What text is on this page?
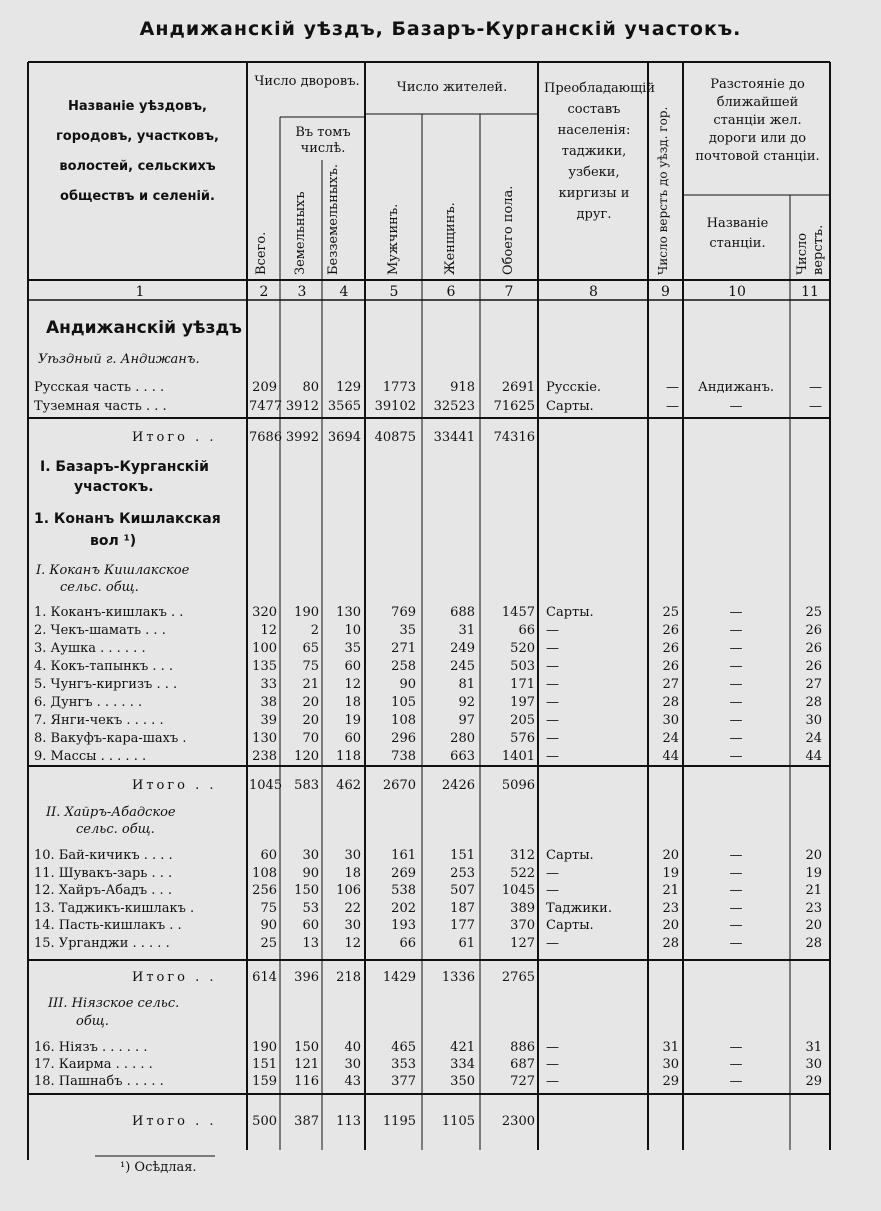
Андижанскій уѣздъ, Базаръ-Курганскій участокъ.
Названіе уѣздовъ,
городовъ, участковъ,
волостей, сельскихъ
обществъ и селеній.
Число дворовъ.
Въ томъ числѣ.
Всего. Земельныхъ Безземельныхъ.
Число жителей.
Мужчинъ.	Женщинъ.	Обоего пола.
Преобладающій составъ населенія: таджики, узбеки, киргизы и друг.	Число верстъ до уѣзд. гор.
Разстояніе до ближайшей станціи жел. дороги или до почтовой станціи.
Названіе станціи.	Число верстъ.
1	2	3	4	5	6	7	8	9	10	11
Андижанскій уѣздъ
Уѣздный г. Андижанъ.
I. Базаръ-Курганскій
участокъ.
1. Конанъ Кишлакская
вол ¹)
I. Коканъ Кишлакское
сельс. общ.
II. Хайръ-Абадское
сельс. общ.
III. Ніязское сельс.
общ.
Русская часть . . . .	209	80	129	1773	918	2691 Русскіе.	—	Андижанъ.	—
Туземная часть . . .	7477 3912 3565	39102	32523	71625 Сарты.	—	—	—
Итого . .	7686 3992 3694	40875	33441	74316
1. Коканъ-кишлакъ . .	320	190	130	769	688	1457 Сарты.	25	—	25
2. Чекъ-шамать . . .	12	2	10	35	31	66 —	26	—	26
3. Аушка . . . . . .	100	65	35	271	249	520 —	26	—	26
4. Кокъ-тапынкъ . . .	135	75	60	258	245	503 —	26	—	26
5. Чунгъ-киргизъ . . .	33	21	12	90	81	171 —	27	—	27
6. Дунгъ . . . . . .	38	20	18	105	92	197 —	28	—	28
7. Янги-чекъ . . . . .	39	20	19	108	97	205 —	30	—	30
8. Вакуфъ-кара-шахъ .	130	70	60	296	280	576 —	24	—	24
9. Массы . . . . . .	238	120	118	738	663	1401 —	44	—	44
Итого . .	1045 583	462	2670	2426	5096
10. Бай-кичикъ . . . .	60	30	30	161	151	312 Сарты.	20	—	20
11. Шувакъ-зарь . . .	108	90	18	269	253	522 —	19	—	19
12. Хайръ-Абадъ . . .	256	150	106	538	507	1045 —	21	—	21
13. Таджикъ-кишлакъ .	75	53	22	202	187	389 Таджики.	23	—	23
14. Пасть-кишлакъ . .	90	60	30	193	177	370 Сарты.	20	—	20
15. Урганджи . . . . .	25	13	12	66	61	127 —	28	—	28
Итого . .	614	396	218	1429	1336	2765
16. Ніязъ . . . . . .	190	150	40	465	421	886 —	31	—	31
17. Каирма . . . . .	151	121	30	353	334	687 —	30	—	30
18. Пашнабъ . . . . .	159	116	43	377	350	727 —	29	—	29
Итого . .	500	387	113	1195	1105	2300
¹) Осѣдлая.
